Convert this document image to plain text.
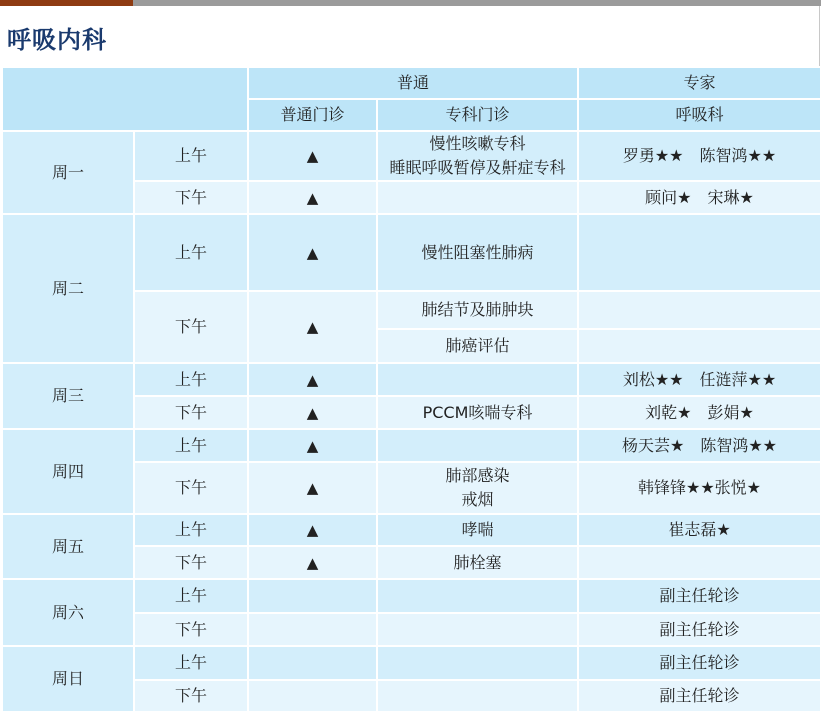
呼吸内科
		普通		专家
		普通门诊	专科门诊	呼吸科
周一	上午	▲	慢性咳嗽专科
睡眠呼吸暂停及鼾症专科	罗勇★★　陈智鸿★★
	下午	▲		顾问★　宋琳★
周二	上午	▲	慢性阻塞性肺病	
	下午	▲	肺结节及肺肿块	
			肺癌评估	
周三	上午	▲		刘松★★　任涟萍★★
	下午	▲	PCCM咳喘专科	刘乾★　彭娟★
周四	上午	▲		杨天芸★　陈智鸿★★
	下午	▲	肺部感染
戒烟	韩锋锋★★张悦★
周五	上午	▲	哮喘	崔志磊★
	下午	▲	肺栓塞	
周六	上午			副主任轮诊
	下午			副主任轮诊
周日	上午			副主任轮诊
	下午			副主任轮诊
